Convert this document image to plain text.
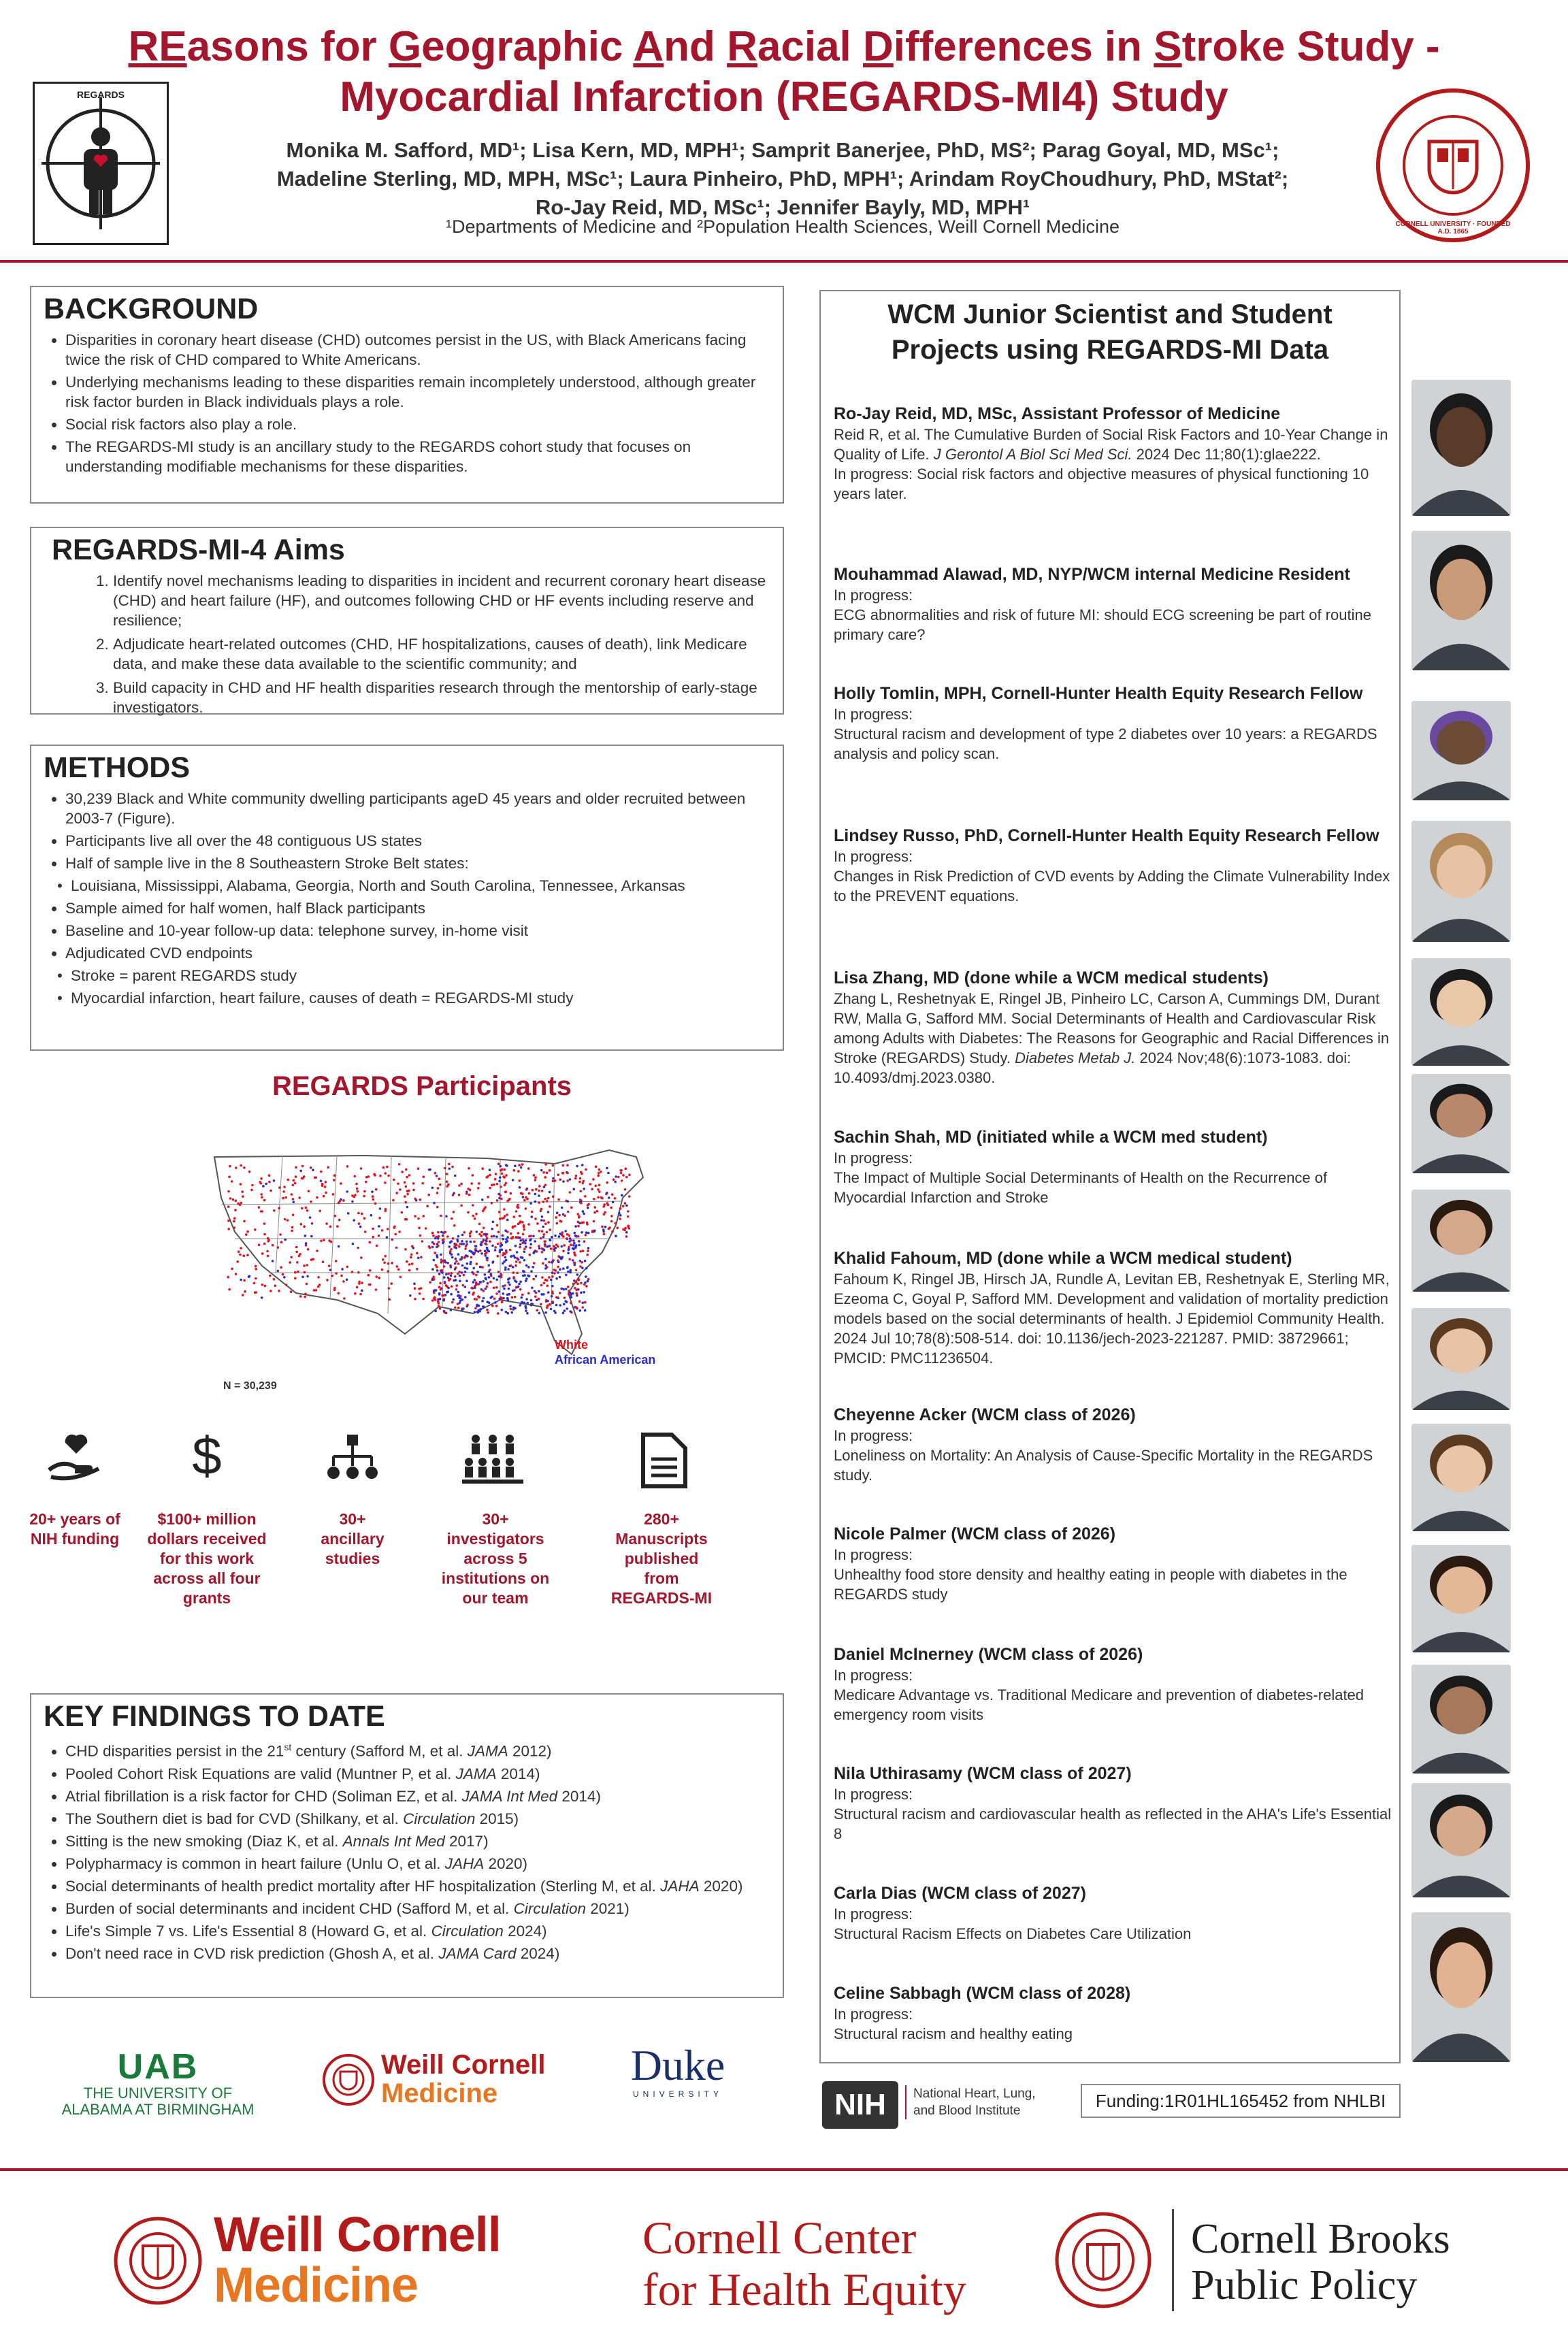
REGARDS
REasons for Geographic And Racial Differences in Stroke Study -
Myocardial Infarction (REGARDS-MI4) Study
Monika M. Safford, MD¹; Lisa Kern, MD, MPH¹; Samprit Banerjee, PhD, MS²; Parag Goyal, MD, MSc¹;
Madeline Sterling, MD, MPH, MSc¹; Laura Pinheiro, PhD, MPH¹; Arindam RoyChoudhury, PhD, MStat²;
Ro-Jay Reid, MD, MSc¹; Jennifer Bayly, MD, MPH¹
¹Departments of Medicine and ²Population Health Sciences, Weill Cornell Medicine	CORNELL UNIVERSITY · FOUNDED A.D. 1865
BACKGROUND
• Disparities in coronary heart disease (CHD) outcomes persist in the US, with Black Americans facing twice the risk of CHD compared to White Americans.
• Underlying mechanisms leading to these disparities remain incompletely understood, although greater risk factor burden in Black individuals plays a role.
• Social risk factors also play a role.
• The REGARDS-MI study is an ancillary study to the REGARDS cohort study that focuses on understanding modifiable mechanisms for these disparities.
REGARDS-MI-4 Aims
1. Identify novel mechanisms leading to disparities in incident and recurrent coronary heart disease (CHD) and heart failure (HF), and outcomes following CHD or HF events including reserve and resilience;
2. Adjudicate heart-related outcomes (CHD, HF hospitalizations, causes of death), link Medicare data, and make these data available to the scientific community; and
3. Build capacity in CHD and HF health disparities research through the mentorship of early-stage investigators.
METHODS
• 30,239 Black and White community dwelling participants ageD 45 years and older recruited between 2003-7 (Figure).
• Participants live all over the 48 contiguous US states
• Half of sample live in the 8 Southeastern Stroke Belt states:
• Louisiana, Mississippi, Alabama, Georgia, North and South Carolina, Tennessee, Arkansas
• Sample aimed for half women, half Black participants
• Baseline and 10-year follow-up data: telephone survey, in-home visit
• Adjudicated CVD endpoints
• Stroke = parent REGARDS study
• Myocardial infarction, heart failure, causes of death = REGARDS-MI study
REGARDS Participants
White
African American
N = 30,239
$
20+ years of NIH funding
$100+ million dollars received for this work across all four grants
30+ ancillary studies
30+ investigators across 5 institutions on our team
280+ Manuscripts published from REGARDS-MI
KEY FINDINGS TO DATE
• CHD disparities persist in the 21st century (Safford M, et al. JAMA 2012)
• Pooled Cohort Risk Equations are valid (Muntner P, et al. JAMA 2014)
• Atrial fibrillation is a risk factor for CHD (Soliman EZ, et al. JAMA Int Med 2014)
• The Southern diet is bad for CVD (Shilkany, et al. Circulation 2015)
• Sitting is the new smoking (Diaz K, et al. Annals Int Med 2017)
• Polypharmacy is common in heart failure (Unlu O, et al. JAHA 2020)
• Social determinants of health predict mortality after HF hospitalization (Sterling M, et al. JAHA 2020)
• Burden of social determinants and incident CHD (Safford M, et al. Circulation 2021)
• Life's Simple 7 vs. Life's Essential 8 (Howard G, et al. Circulation 2024)
• Don't need race in CVD risk prediction (Ghosh A, et al. JAMA Card 2024)
UAB
THE UNIVERSITY OF
ALABAMA AT BIRMINGHAM
Weill Cornell
Medicine
Duke
UNIVERSITY
WCM Junior Scientist and Student
Projects using REGARDS-MI Data
Ro-Jay Reid, MD, MSc, Assistant Professor of Medicine
Reid R, et al. The Cumulative Burden of Social Risk Factors and 10-Year Change in Quality of Life. J Gerontol A Biol Sci Med Sci. 2024 Dec 11;80(1):glae222.
In progress: Social risk factors and objective measures of physical functioning 10 years later.
Mouhammad Alawad, MD, NYP/WCM internal Medicine Resident
In progress:
ECG abnormalities and risk of future MI: should ECG screening be part of routine primary care?
Holly Tomlin, MPH, Cornell-Hunter Health Equity Research Fellow
In progress:
Structural racism and development of type 2 diabetes over 10 years: a REGARDS analysis and policy scan.
Lindsey Russo, PhD, Cornell-Hunter Health Equity Research Fellow
In progress:
Changes in Risk Prediction of CVD events by Adding the Climate Vulnerability Index to the PREVENT equations.
Lisa Zhang, MD (done while a WCM medical students)
Zhang L, Reshetnyak E, Ringel JB, Pinheiro LC, Carson A, Cummings DM, Durant RW, Malla G, Safford MM. Social Determinants of Health and Cardiovascular Risk among Adults with Diabetes: The Reasons for Geographic and Racial Differences in Stroke (REGARDS) Study. Diabetes Metab J. 2024 Nov;48(6):1073-1083. doi: 10.4093/dmj.2023.0380.
Sachin Shah, MD (initiated while a WCM med student)
In progress:
The Impact of Multiple Social Determinants of Health on the Recurrence of Myocardial Infarction and Stroke
Khalid Fahoum, MD (done while a WCM medical student)
Fahoum K, Ringel JB, Hirsch JA, Rundle A, Levitan EB, Reshetnyak E, Sterling MR, Ezeoma C, Goyal P, Safford MM. Development and validation of mortality prediction models based on the social determinants of health. J Epidemiol Community Health. 2024 Jul 10;78(8):508-514. doi: 10.1136/jech-2023-221287. PMID: 38729661; PMCID: PMC11236504.
Cheyenne Acker (WCM class of 2026)
In progress:
Loneliness on Mortality: An Analysis of Cause-Specific Mortality in the REGARDS study.
Nicole Palmer (WCM class of 2026)
In progress:
Unhealthy food store density and healthy eating in people with diabetes in the REGARDS study
Daniel McInerney (WCM class of 2026)
In progress:
Medicare Advantage vs. Traditional Medicare and prevention of diabetes-related emergency room visits
Nila Uthirasamy (WCM class of 2027)
In progress:
Structural racism and cardiovascular health as reflected in the AHA's Life's Essential 8
Carla Dias (WCM class of 2027)
In progress:
Structural Racism Effects on Diabetes Care Utilization
Celine Sabbagh (WCM class of 2028)
In progress:
Structural racism and healthy eating
NIH	National Heart, Lung,
and Blood Institute	Funding:1R01HL165452 from NHLBI
Weill Cornell
Medicine
Cornell Center
for Health Equity
Cornell Brooks
Public Policy
